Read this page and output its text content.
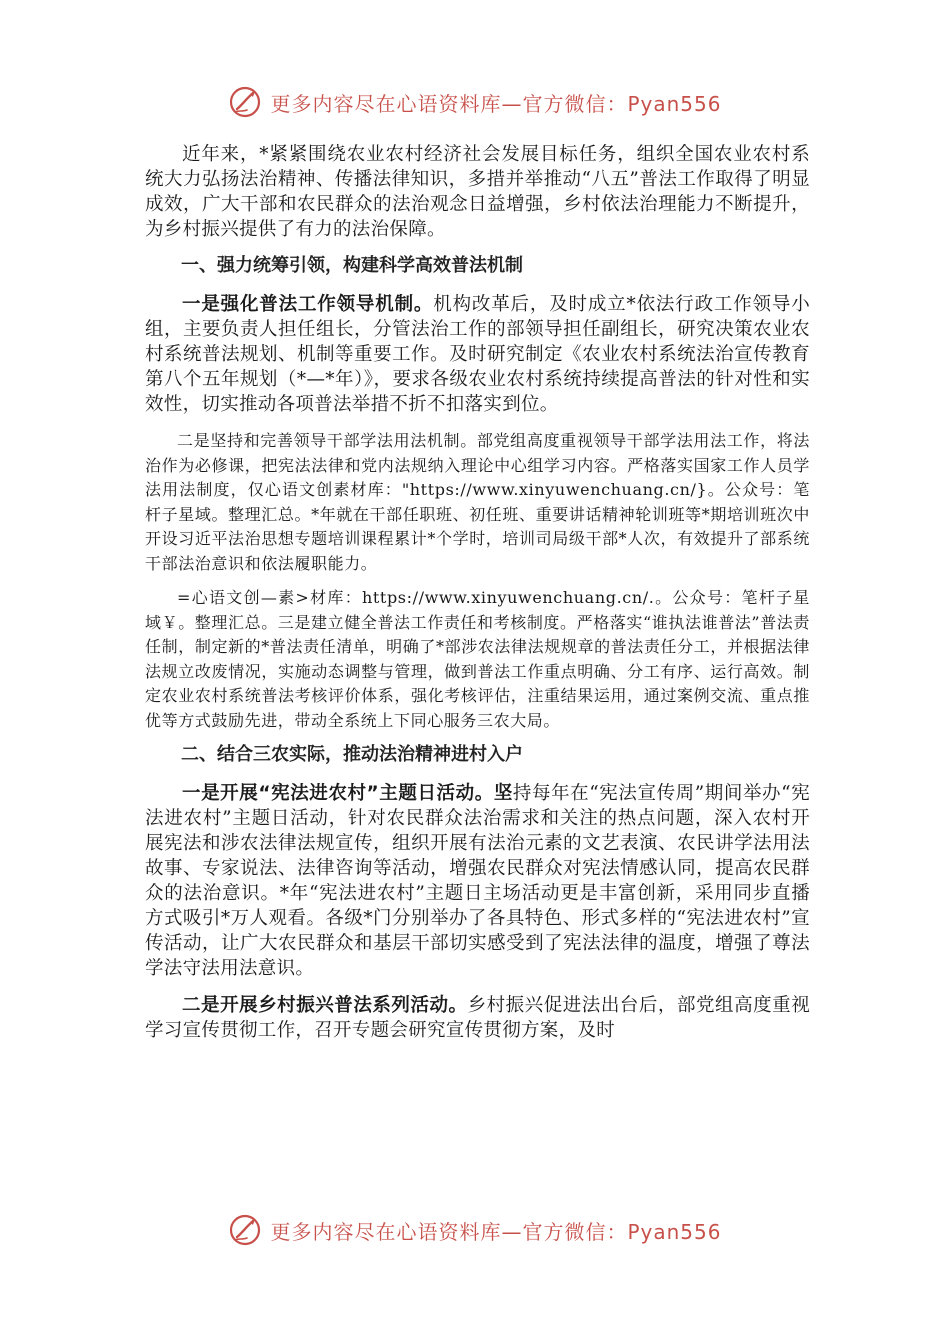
更多内容尽在心语资料库—官方微信：Pyan556

近年来，*紧紧围绕农业农村经济社会发展目标任务，组织全国农业农村系统大力弘扬法治精神、传播法律知识，多措并举推动“八五”普法工作取得了明显成效，广大干部和农民群众的法治观念日益增强，乡村依法治理能力不断提升，为乡村振兴提供了有力的法治保障。

一、强力统筹引领，构建科学高效普法机制

一是强化普法工作领导机制。机构改革后，及时成立*依法行政工作领导小组，主要负责人担任组长，分管法治工作的部领导担任副组长，研究决策农业农村系统普法规划、机制等重要工作。及时研究制定《农业农村系统法治宣传教育第八个五年规划（*—*年）》，要求各级农业农村系统持续提高普法的针对性和实效性，切实推动各项普法举措不折不扣落实到位。

二是坚持和完善领导干部学法用法机制。部党组高度重视领导干部学法用法工作，将法治作为必修课，把宪法法律和党内法规纳入理论中心组学习内容。严格落实国家工作人员学法用法制度，仅心语文创素材库："https://www.xinyuwenchuang.cn/}。公众号：笔杆子星域。整理汇总。*年就在干部任职班、初任班、重要讲话精神轮训班等*期培训班次中开设习近平法治思想专题培训课程累计*个学时，培训司局级干部*人次，有效提升了部系统干部法治意识和依法履职能力。

=心语文创—素>材库：https://www.xinyuwenchuang.cn/.。公众号：笔杆子星域￥。整理汇总。三是建立健全普法工作责任和考核制度。严格落实“谁执法谁普法”普法责任制，制定新的*普法责任清单，明确了*部涉农法律法规规章的普法责任分工，并根据法律法规立改废情况，实施动态调整与管理，做到普法工作重点明确、分工有序、运行高效。制定农业农村系统普法考核评价体系，强化考核评估，注重结果运用，通过案例交流、重点推优等方式鼓励先进，带动全系统上下同心服务三农大局。

二、结合三农实际，推动法治精神进村入户

一是开展“宪法进农村”主题日活动。坚持每年在“宪法宣传周”期间举办“宪法进农村”主题日活动，针对农民群众法治需求和关注的热点问题，深入农村开展宪法和涉农法律法规宣传，组织开展有法治元素的文艺表演、农民讲学法用法故事、专家说法、法律咨询等活动，增强农民群众对宪法情感认同，提高农民群众的法治意识。*年“宪法进农村”主题日主场活动更是丰富创新，采用同步直播方式吸引*万人观看。各级*门分别举办了各具特色、形式多样的“宪法进农村”宣传活动，让广大农民群众和基层干部切实感受到了宪法法律的温度，增强了尊法学法守法用法意识。

二是开展乡村振兴普法系列活动。乡村振兴促进法出台后，部党组高度重视学习宣传贯彻工作，召开专题会研究宣传贯彻方案，及时

更多内容尽在心语资料库—官方微信：Pyan556
